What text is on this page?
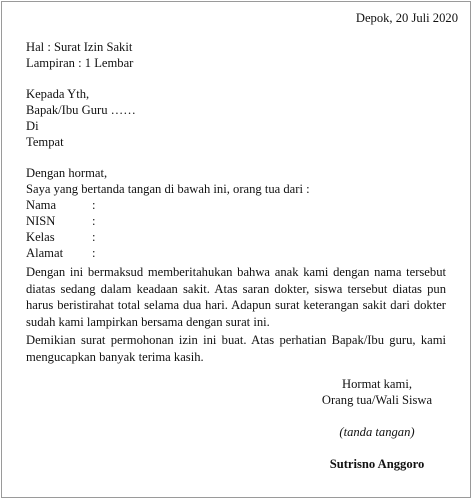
Depok, 20 Juli 2020
Hal : Surat Izin Sakit
Lampiran : 1 Lembar
Kepada Yth,
Bapak/Ibu Guru ……
Di
Tempat
Dengan hormat,
Saya yang bertanda tangan di bawah ini, orang tua dari :
Nama	:
NISN	:
Kelas	:
Alamat :
Dengan ini bermaksud memberitahukan bahwa anak kami dengan nama tersebut diatas sedang dalam keadaan sakit. Atas saran dokter, siswa tersebut diatas pun harus beristirahat total selama dua hari. Adapun surat keterangan sakit dari dokter sudah kami lampirkan bersama dengan surat ini.
Demikian surat permohonan izin ini buat. Atas perhatian Bapak/Ibu guru, kami mengucapkan banyak terima kasih.
Hormat kami,
Orang tua/Wali Siswa
(tanda tangan)
Sutrisno Anggoro
